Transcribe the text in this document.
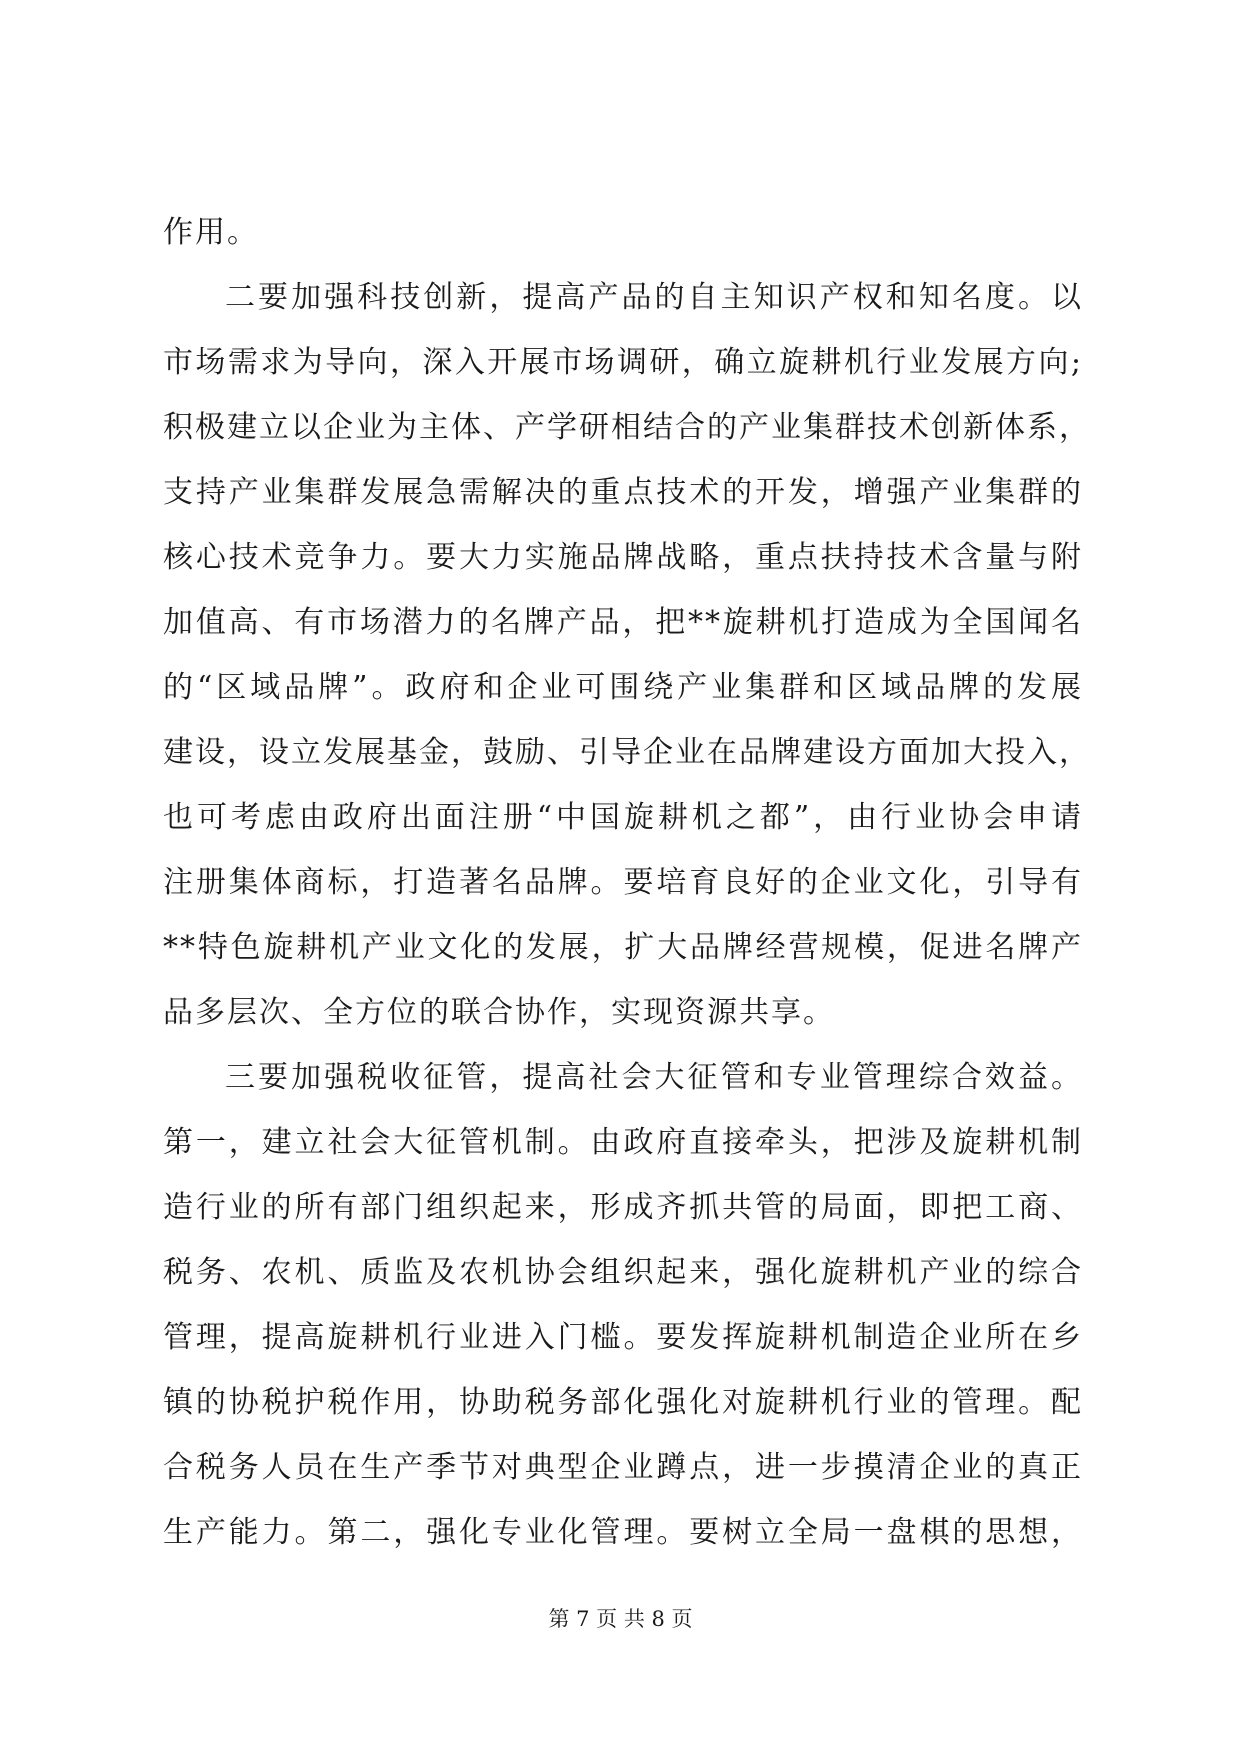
作用。
二要加强科技创新，提高产品的自主知识产权和知名度。以
市场需求为导向，深入开展市场调研，确立旋耕机行业发展方向;
积极建立以企业为主体、产学研相结合的产业集群技术创新体系，
支持产业集群发展急需解决的重点技术的开发，增强产业集群的
核心技术竞争力。要大力实施品牌战略，重点扶持技术含量与附
加值高、有市场潜力的名牌产品，把**旋耕机打造成为全国闻名
的“区域品牌”。政府和企业可围绕产业集群和区域品牌的发展
建设，设立发展基金，鼓励、引导企业在品牌建设方面加大投入，
也可考虑由政府出面注册“中国旋耕机之都”，由行业协会申请
注册集体商标，打造著名品牌。要培育良好的企业文化，引导有
**特色旋耕机产业文化的发展，扩大品牌经营规模，促进名牌产
品多层次、全方位的联合协作，实现资源共享。
三要加强税收征管，提高社会大征管和专业管理综合效益。
第一，建立社会大征管机制。由政府直接牵头，把涉及旋耕机制
造行业的所有部门组织起来，形成齐抓共管的局面，即把工商、
税务、农机、质监及农机协会组织起来，强化旋耕机产业的综合
管理，提高旋耕机行业进入门槛。要发挥旋耕机制造企业所在乡
镇的协税护税作用，协助税务部化强化对旋耕机行业的管理。配
合税务人员在生产季节对典型企业蹲点，进一步摸清企业的真正
生产能力。第二，强化专业化管理。要树立全局一盘棋的思想，
第 7 页 共 8 页
